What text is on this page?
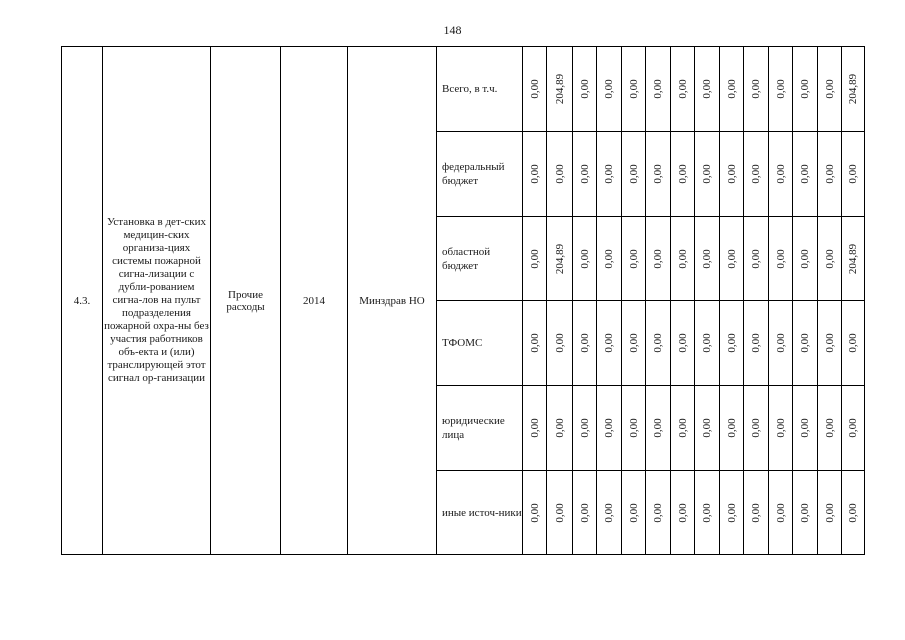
148
4.3.	Установка в дет-ских медицин-ских организа-циях системы пожарной сигна-лизации с дубли-рованием сигна-лов на пульт подразделения пожарной охра-ны без участия работников объ-екта и (или) транслирующей этот сигнал ор-ганизации	Прочие расходы	2014	Минздрав НО	Всего, в т.ч.	0,00	204,89	0,00	0,00	0,00	0,00	0,00	0,00	0,00	0,00	0,00	0,00	0,00	204,89

					федеральный бюджет	0,00	0,00	0,00	0,00	0,00	0,00	0,00	0,00	0,00	0,00	0,00	0,00	0,00	0,00

					областной бюджет	0,00	204,89	0,00	0,00	0,00	0,00	0,00	0,00	0,00	0,00	0,00	0,00	0,00	204,89

					ТФОМС	0,00	0,00	0,00	0,00	0,00	0,00	0,00	0,00	0,00	0,00	0,00	0,00	0,00	0,00

					юридические лица	0,00	0,00	0,00	0,00	0,00	0,00	0,00	0,00	0,00	0,00	0,00	0,00	0,00	0,00

					иные источ-ники	0,00	0,00	0,00	0,00	0,00	0,00	0,00	0,00	0,00	0,00	0,00	0,00	0,00	0,00
